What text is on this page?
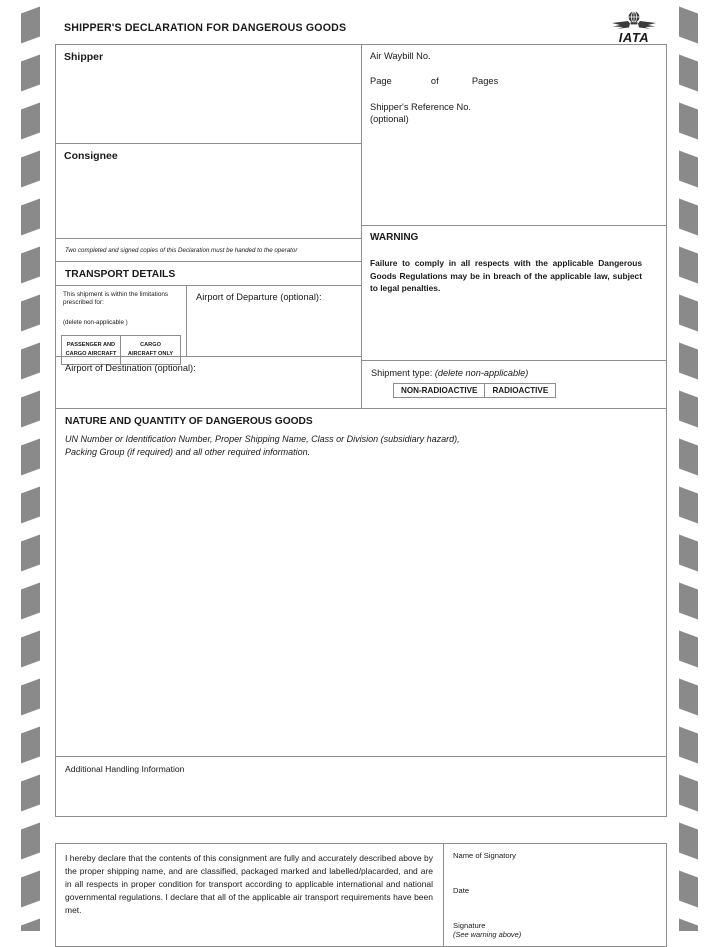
SHIPPER'S DECLARATION FOR DANGEROUS GOODS
IATA
Shipper
Consignee
Two completed and signed copies of this Declaration must be handed to the operator
TRANSPORT DETAILS
This shipment is within the limitations prescribed for:
(delete non-applicable )
PASSENGER AND
CARGO AIRCRAFT
CARGO
AIRCRAFT ONLY
Airport of Departure (optional):
Airport of Destination (optional):
Air Waybill No.
Page	of	Pages
Shipper's Reference No.
(optional)
WARNING
Failure to comply in all respects with the applicable Dangerous Goods Regulations may be in breach of the applicable law, subject to legal penalties.
Shipment type: (delete non-applicable)
NON-RADIOACTIVE	RADIOACTIVE
NATURE AND QUANTITY OF DANGEROUS GOODS
UN Number or Identification Number, Proper Shipping Name, Class or Division (subsidiary hazard),
Packing Group (if required) and all other required information.
Additional Handling Information
I hereby declare that the contents of this consignment are fully and accurately described above by the proper shipping name, and are classified, packaged marked and labelled/placarded, and are in all respects in proper condition for transport according to applicable international and national governmental regulations. I declare that all of the applicable air transport requirements have been met.
Name of Signatory
Date
Signature
(See warning above)
